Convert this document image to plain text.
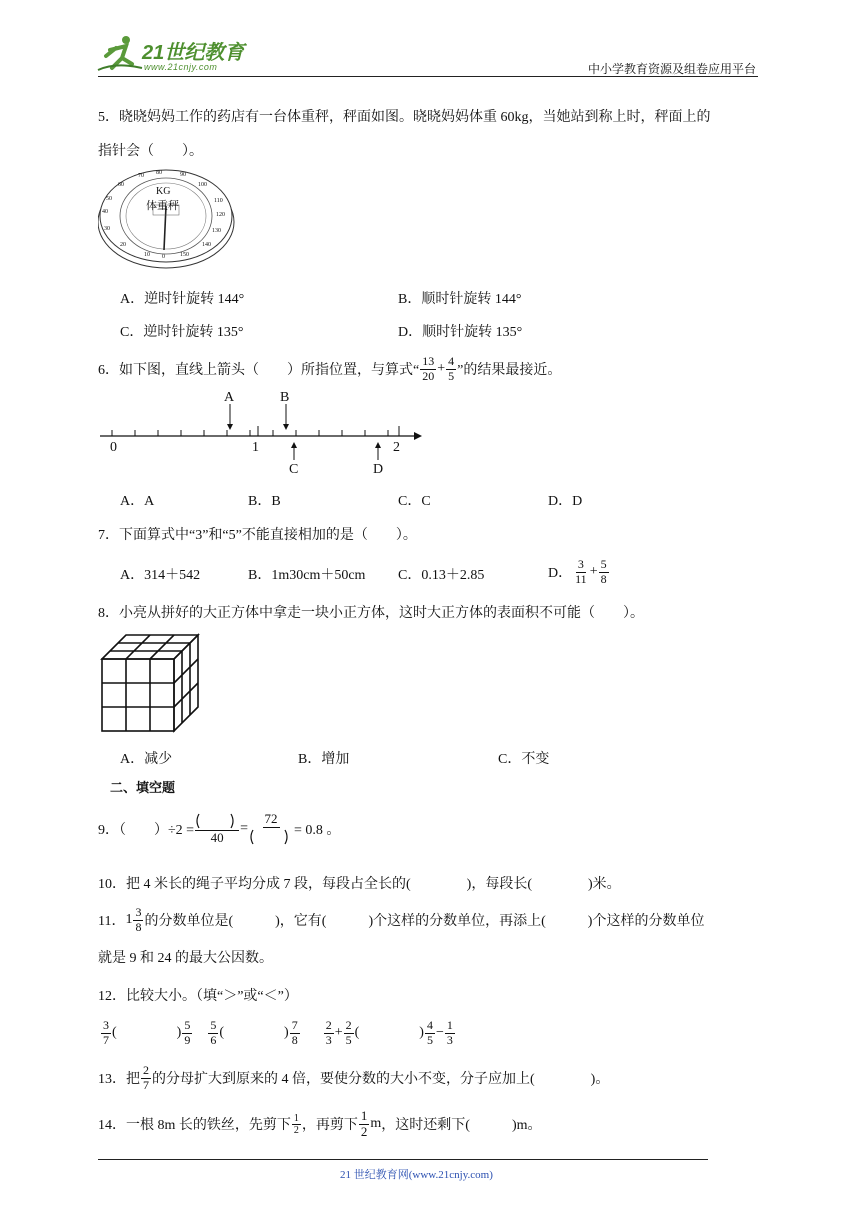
21世纪教育
www.21cnjy.com	中小学教育资源及组卷应用平台
5．晓晓妈妈工作的药店有一台体重秤，秤面如图。晓晓妈妈体重 60kg，当她站到称上时，秤面上的
指针会（　　）。
KG
体重秤
0
10
20
30
40
50
60
70 80	90
100
110
120
130
140
150
A．逆时针旋转 144°	B．顺时针旋转 144°
C．逆时针旋转 135°	D．顺时针旋转 135°
6．如下图，直线上箭头（　　）所指位置，与算式“ $\frac{13}{20} + \frac{4}{5}$ ”的结果最接近。
A	B
C	D
0	1	2
A．A	B．B	C．C	D．D
7．下面算式中“3”和“5”不能直接相加的是（　　）。
A．314＋542	B．1m30cm＋50cm C．0.13＋2.85	D． $\frac{3}{11} + \frac{5}{8}$
8．小亮从拼好的大正方体中拿走一块小正方体，这时大正方体的表面积不可能（　　）。
A．减少	B．增加	C．不变
二、填空题
9．（　　）÷2 = 40
=
72
= 0.8 。
10．把 4 米长的绳子平均分成 7 段，每段占全长的(　　　　)，每段长(　　　　)米。
11． $1 \frac{3}{8}$ 的分数单位是(　　　)，它有(　　　)个这样的分数单位，再添上(　　　)个这样的分数单位
就是 9 和 24 的最大公因数。
12．比较大小。（填“＞”或“＜”）
$\frac{3}{7}$ (	) $\frac{5}{9} \frac{5}{6}$ (	) $\frac{7}{8} \frac{2}{3} + \frac{2}{5}$ (	) $\frac{4}{5} - \frac{1}{3}$
13．把 $\frac{2}{7}$ 的分母扩大到原来的 4 倍，要使分数的大小不变，分子应加上(　　　　)。
14．一根 8m 长的铁丝，先剪下 $\frac{1}{2}$ ，再剪下 $\frac{1}{2}$ m ，这时还剩下(　　　)m。
21 世纪教育网(www.21cnjy.com)
